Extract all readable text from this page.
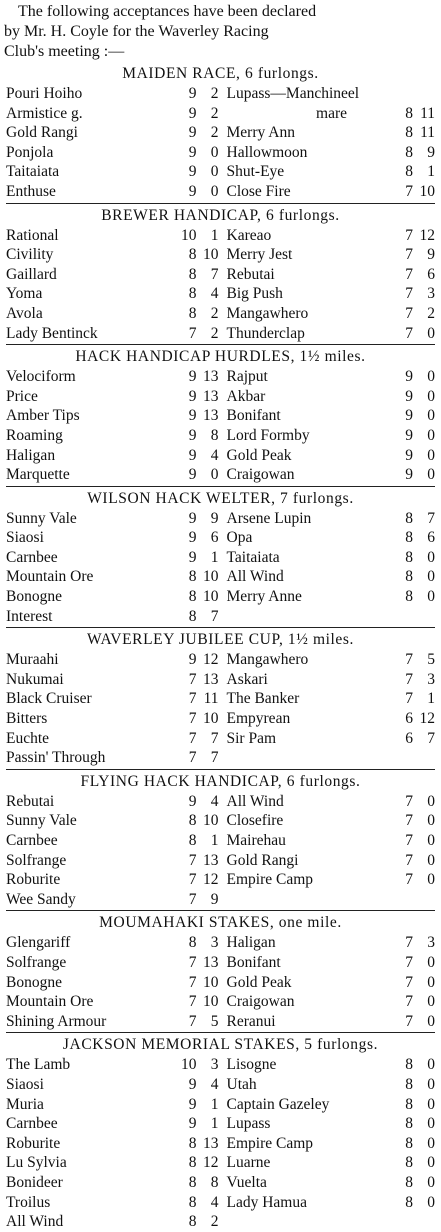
The following acceptances have been declared
by Mr. H. Coyle for the Waverley Racing
Club's meeting :—
MAIDEN RACE, 6 furlongs.
Pouri Hoiho	9 2 Lupass—Manchineel
Armistice g.	9 2	mare	8 11
Gold Rangi	9 2 Merry Ann	8 11
Ponjola	9 0 Hallowmoon	8 9
Taitaiata	9 0 Shut-Eye	8 1
Enthuse	9 0 Close Fire	7 10
BREWER HANDICAP, 6 furlongs.
Rational	10 1 Kareao	7 12
Civility	8 10 Merry Jest	7 9
Gaillard	8 7 Rebutai	7 6
Yoma	8 4 Big Push	7 3
Avola	8 2 Mangawhero	7 2
Lady Bentinck	7 2 Thunderclap	7 0
HACK HANDICAP HURDLES, 1½ miles.
Velociform	9 13 Rajput	9 0
Price	9 13 Akbar	9 0
Amber Tips	9 13 Bonifant	9 0
Roaming	9 8 Lord Formby	9 0
Haligan	9 4 Gold Peak	9 0
Marquette	9 0 Craigowan	9 0
WILSON HACK WELTER, 7 furlongs.
Sunny Vale	9 9 Arsene Lupin	8 7
Siaosi	9 6 Opa	8 6
Carnbee	9 1 Taitaiata	8 0
Mountain Ore	8 10 All Wind	8 0
Bonogne	8 10 Merry Anne	8 0
Interest	8 7
WAVERLEY JUBILEE CUP, 1½ miles.
Muraahi	9 12 Mangawhero	7 5
Nukumai	7 13 Askari	7 3
Black Cruiser	7 11 The Banker	7 1
Bitters	7 10 Empyrean	6 12
Euchte	7 7 Sir Pam	6 7
Passin' Through	7 7
FLYING HACK HANDICAP, 6 furlongs.
Rebutai	9 4 All Wind	7 0
Sunny Vale	8 10 Closefire	7 0
Carnbee	8 1 Mairehau	7 0
Solfrange	7 13 Gold Rangi	7 0
Roburite	7 12 Empire Camp	7 0
Wee Sandy	7 9
MOUMAHAKI STAKES, one mile.
Glengariff	8 3 Haligan	7 3
Solfrange	7 13 Bonifant	7 0
Bonogne	7 10 Gold Peak	7 0
Mountain Ore	7 10 Craigowan	7 0
Shining Armour	7 5 Reranui	7 0
JACKSON MEMORIAL STAKES, 5 furlongs.
The Lamb	10 3 Lisogne	8 0
Siaosi	9 4 Utah	8 0
Muria	9 1 Captain Gazeley	8 0
Carnbee	9 1 Lupass	8 0
Roburite	8 13 Empire Camp	8 0
Lu Sylvia	8 12 Luarne	8 0
Bonideer	8 8 Vuelta	8 0
Troilus	8 4 Lady Hamua	8 0
All Wind	8 2
